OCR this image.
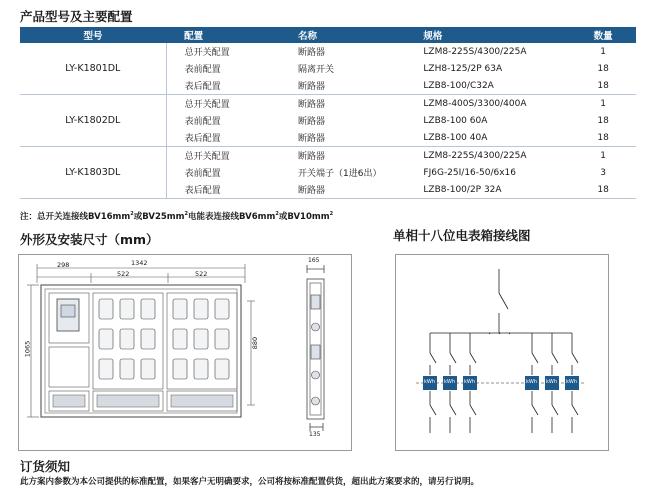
产品型号及主要配置
型号	配置	名称	规格	数量
LY-K1801DL	总开关配置	断路器	LZM8-225S/4300/225A	1
	表前配置	隔离开关	LZH8-125/2P 63A	18
	表后配置	断路器	LZB8-100/C32A	18
LY-K1802DL	总开关配置	断路器	LZM8-400S/3300/400A	1
	表前配置	断路器	LZB8-100 60A	18
	表后配置	断路器	LZB8-100 40A	18
LY-K1803DL	总开关配置	断路器	LZM8-225S/4300/225A	1
	表前配置	开关端子（1进6出）	FJ6G-25I/16-50/6x16	3
	表后配置	断路器	LZB8-100/2P 32A	18
注：总开关连接线$BV16mm^2$或$BV25mm^2$电能表连接线$BV6mm^2$或$BV10mm^2$
外形及安装尺寸（mm）	单相十八位电表箱接线图
298	1342
522	522
1065	880
165
135
· · ·
kWh kWh kWh	kWh kWh kWh
订货须知
此方案内参数为本公司提供的标准配置，如果客户无明确要求，公司将按标准配置供货，超出此方案要求的，请另行说明。
